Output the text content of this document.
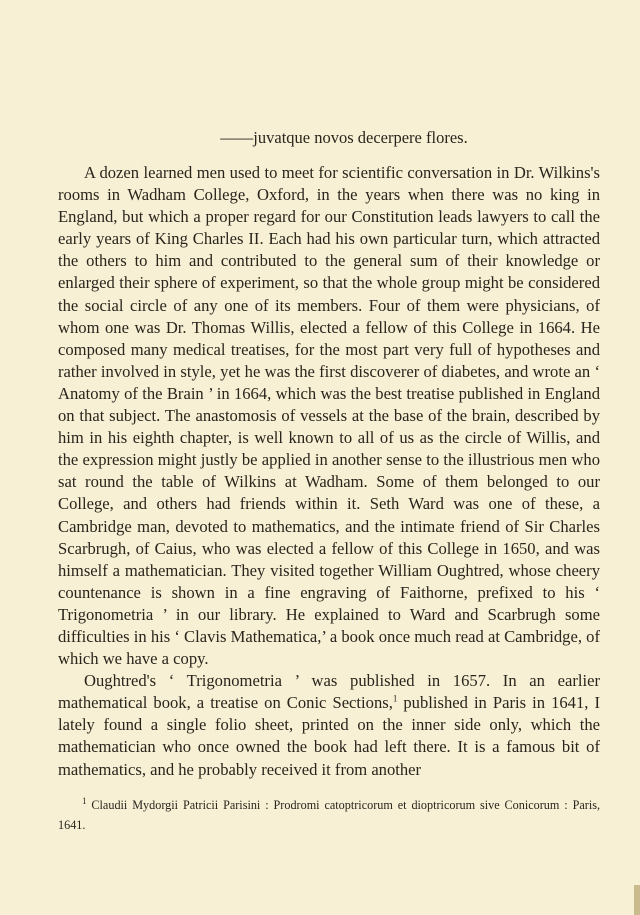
——juvatque novos decerpere flores.

A dozen learned men used to meet for scientific conversation in Dr. Wilkins's rooms in Wadham College, Oxford, in the years when there was no king in England, but which a proper regard for our Constitution leads lawyers to call the early years of King Charles II. Each had his own particular turn, which attracted the others to him and contributed to the general sum of their knowledge or enlarged their sphere of experiment, so that the whole group might be considered the social circle of any one of its members. Four of them were physicians, of whom one was Dr. Thomas Willis, elected a fellow of this College in 1664. He composed many medical treatises, for the most part very full of hypotheses and rather involved in style, yet he was the first discoverer of diabetes, and wrote an ‘ Anatomy of the Brain ’ in 1664, which was the best treatise published in England on that subject. The anastomosis of vessels at the base of the brain, described by him in his eighth chapter, is well known to all of us as the circle of Willis, and the expression might justly be applied in another sense to the illustrious men who sat round the table of Wilkins at Wadham. Some of them belonged to our College, and others had friends within it. Seth Ward was one of these, a Cambridge man, devoted to mathematics, and the intimate friend of Sir Charles Scarbrugh, of Caius, who was elected a fellow of this College in 1650, and was himself a mathematician. They visited together William Oughtred, whose cheery countenance is shown in a fine engraving of Faithorne, prefixed to his ‘ Trigonometria ’ in our library. He explained to Ward and Scarbrugh some difficulties in his ‘ Clavis Mathematica,’ a book once much read at Cambridge, of which we have a copy.

Oughtred's ‘ Trigonometria ’ was published in 1657. In an earlier mathematical book, a treatise on Conic Sections,$^1$ published in Paris in 1641, I lately found a single folio sheet, printed on the inner side only, which the mathematician who once owned the book had left there. It is a famous bit of mathematics, and he probably received it from another

$^1$ Claudii Mydorgii Patricii Parisini : Prodromi catoptricorum et dioptricorum sive Conicorum : Paris, 1641.
